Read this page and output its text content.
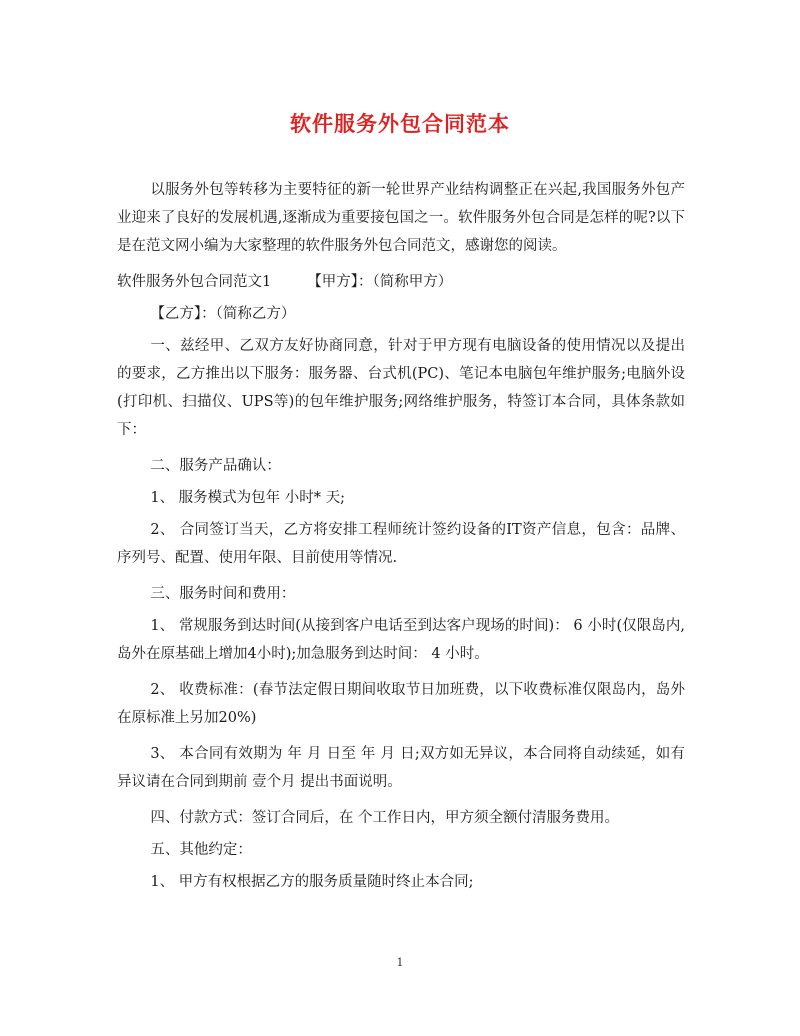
软件服务外包合同范本

以服务外包等转移为主要特征的新一轮世界产业结构调整正在兴起,我国服务外包产业迎来了良好的发展机遇,逐渐成为重要接包国之一。软件服务外包合同是怎样的呢?以下是在范文网小编为大家整理的软件服务外包合同范文，感谢您的阅读。

软件服务外包合同范文1 【甲方】：（简称甲方）

【乙方】：（简称乙方）

一、兹经甲、乙双方友好协商同意，针对于甲方现有电脑设备的使用情况以及提出的要求，乙方推出以下服务：服务器、台式机(PC)、笔记本电脑包年维护服务;电脑外设(打印机、扫描仪、UPS等)的包年维护服务;网络维护服务，特签订本合同，具体条款如下：

二、服务产品确认：

1、 服务模式为包年 小时* 天;

2、 合同签订当天，乙方将安排工程师统计签约设备的IT资产信息，包含：品牌、序列号、配置、使用年限、目前使用等情况.

三、服务时间和费用：

1、 常规服务到达时间(从接到客户电话至到达客户现场的时间)： 6 小时(仅限岛内, 岛外在原基础上增加4小时);加急服务到达时间： 4 小时。

2、 收费标准：(春节法定假日期间收取节日加班费，以下收费标准仅限岛内，岛外在原标准上另加20%)

3、 本合同有效期为 年 月 日至 年 月 日;双方如无异议，本合同将自动续延，如有异议请在合同到期前 壹个月 提出书面说明。

四、付款方式：签订合同后，在 个工作日内，甲方须全额付清服务费用。

五、其他约定：

1、 甲方有权根据乙方的服务质量随时终止本合同;

1
